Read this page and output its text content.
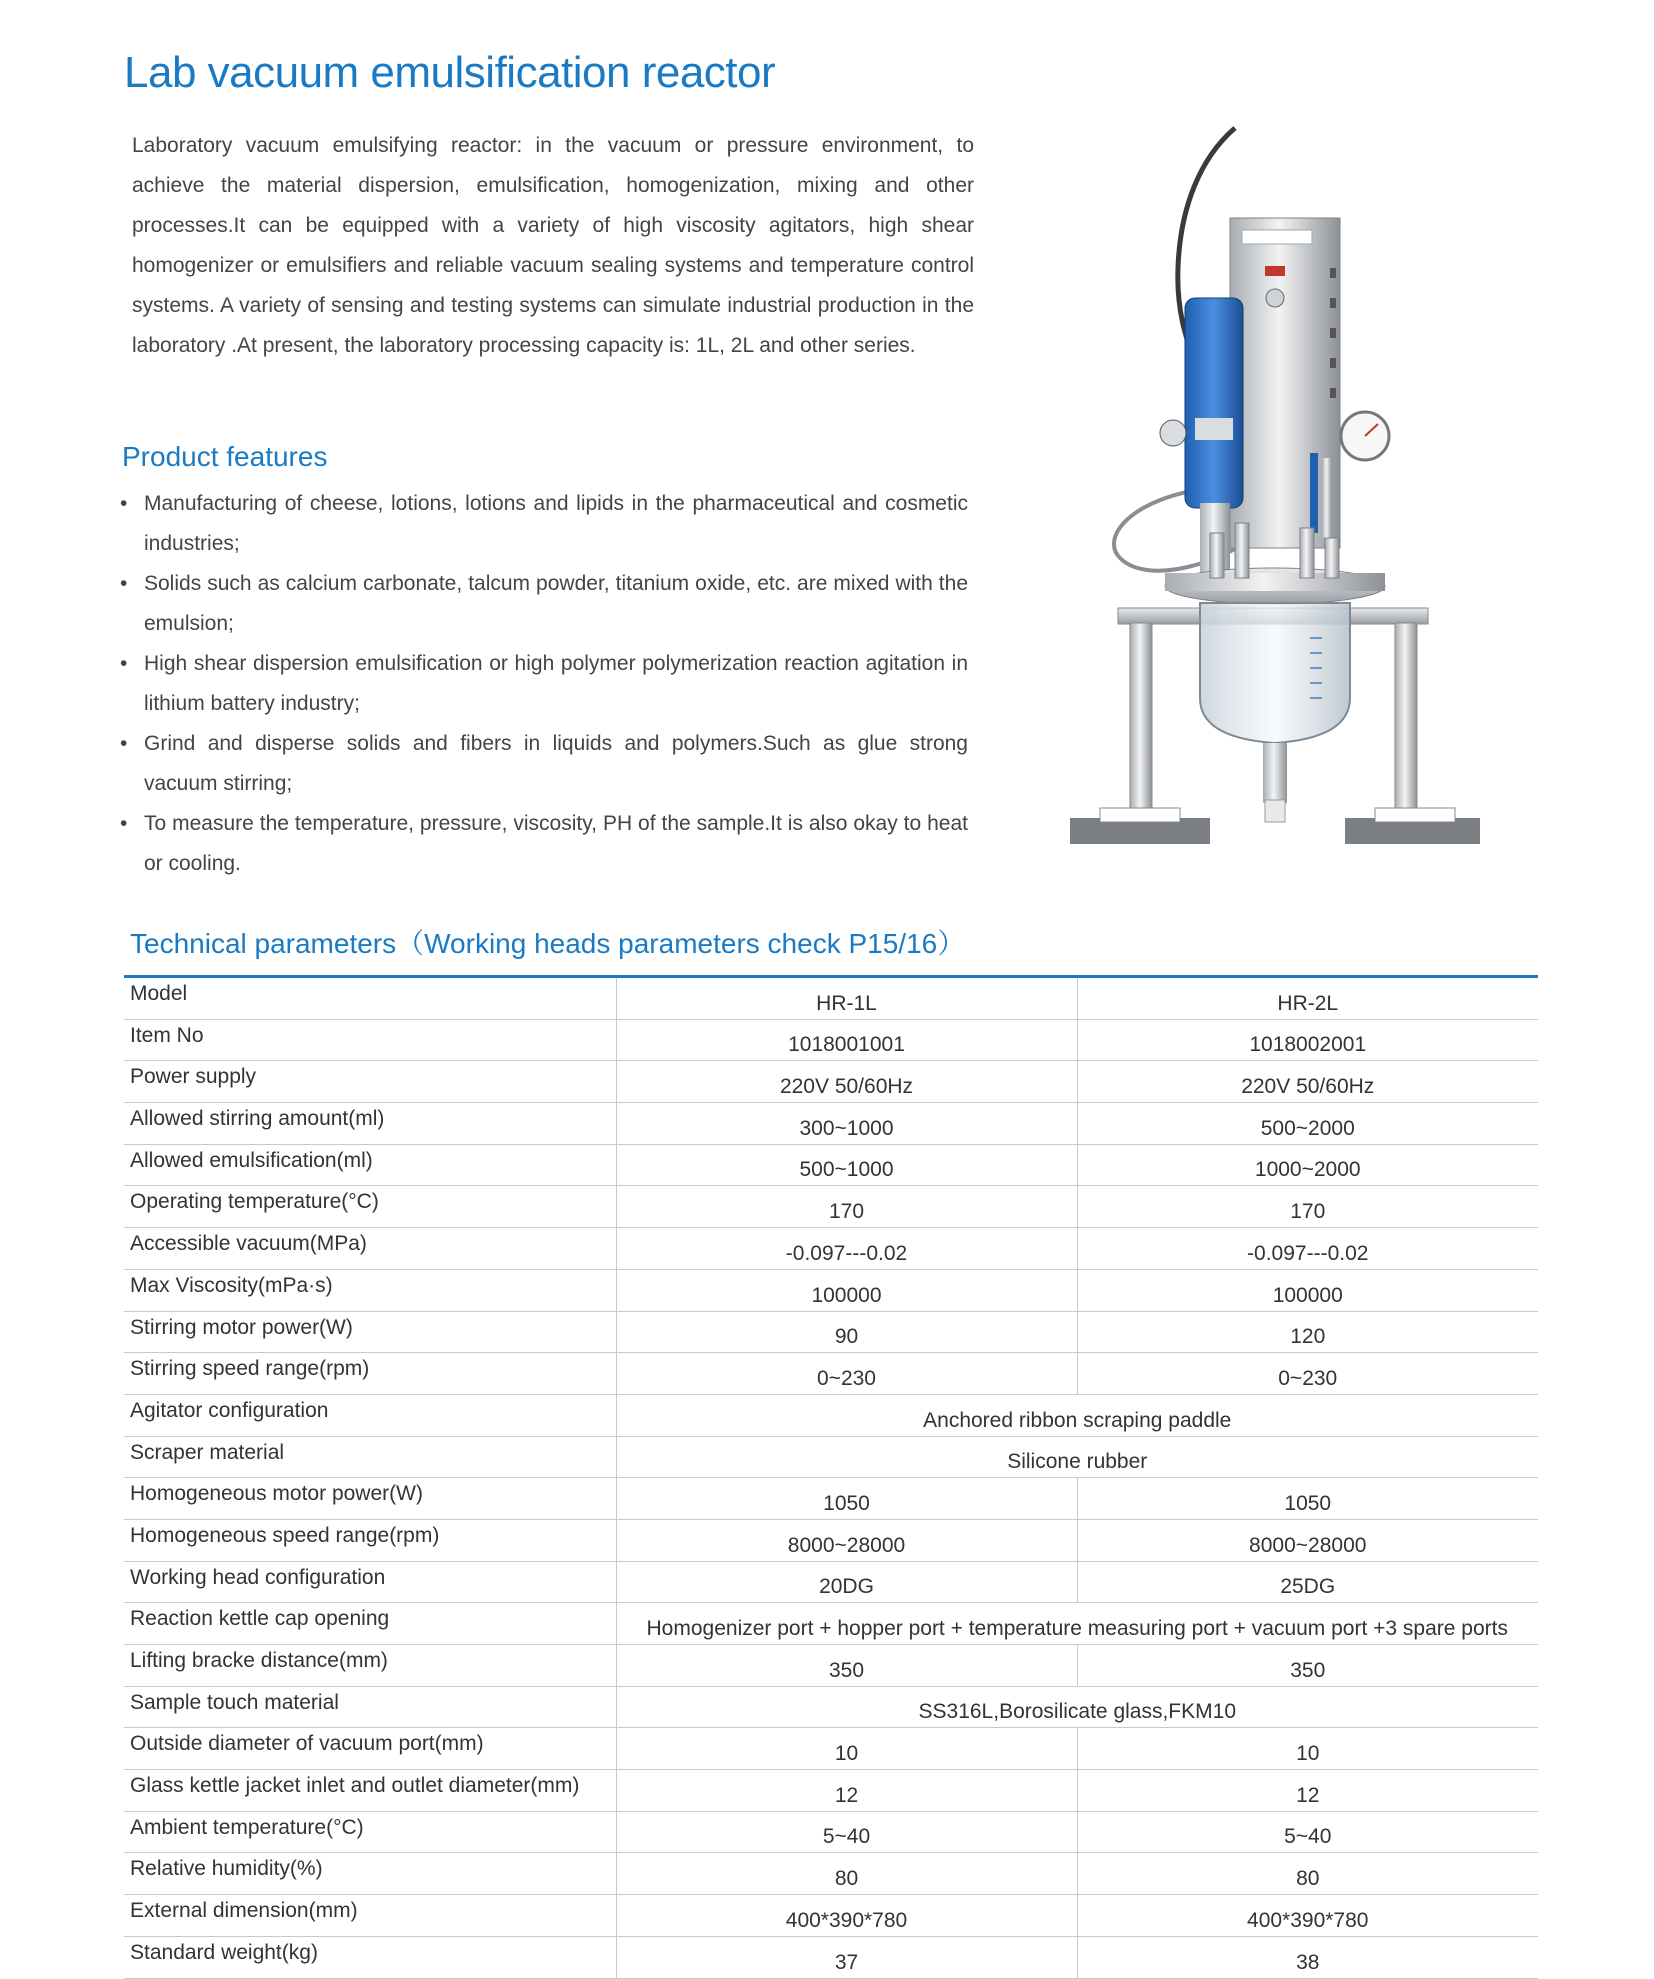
Lab vacuum emulsification reactor

Laboratory vacuum emulsifying reactor: in the vacuum or pressure environment, to achieve the material dispersion, emulsification, homogenization, mixing and other processes.It can be equipped with a variety of high viscosity agitators, high shear homogenizer or emulsifiers and reliable vacuum sealing systems and temperature control systems. A variety of sensing and testing systems can simulate industrial production in the laboratory .At present, the laboratory processing capacity is: 1L, 2L and other series.

Product features
• Manufacturing of cheese, lotions, lotions and lipids in the pharmaceutical and cosmetic industries;
• Solids such as calcium carbonate, talcum powder, titanium oxide, etc. are mixed with the emulsion;
• High shear dispersion emulsification or high polymer polymerization reaction agitation in lithium battery industry;
• Grind and disperse solids and fibers in liquids and polymers.Such as glue strong vacuum stirring;
• To measure the temperature, pressure, viscosity, PH of the sample.It is also okay to heat or cooling.
Technical parameters（Working heads parameters check P15/16）
Model	HR-1L	HR-2L
Item No	1018001001	1018002001
Power supply	220V 50/60Hz	220V 50/60Hz
Allowed stirring amount(ml)	300~1000	500~2000
Allowed emulsification(ml)	500~1000	1000~2000
Operating temperature(°C)	170	170
Accessible vacuum(MPa)	-0.097---0.02	-0.097---0.02
Max Viscosity(mPa·s)	100000	100000
Stirring motor power(W)	90	120
Stirring speed range(rpm)	0~230	0~230
Agitator configuration	Anchored ribbon scraping paddle	
Scraper material	Silicone rubber	
Homogeneous motor power(W)	1050	1050
Homogeneous speed range(rpm)	8000~28000	8000~28000
Working head configuration	20DG	25DG
Reaction kettle cap opening	Homogenizer port + hopper port + temperature measuring port + vacuum port +3 spare ports	
Lifting bracke distance(mm)	350	350
Sample touch material	SS316L,Borosilicate glass,FKM10	
Outside diameter of vacuum port(mm)	10	10
Glass kettle jacket inlet and outlet diameter(mm)	12	12
Ambient temperature(°C)	5~40	5~40
Relative humidity(%)	80	80
External dimension(mm)	400*390*780	400*390*780
Standard weight(kg)	37	38
